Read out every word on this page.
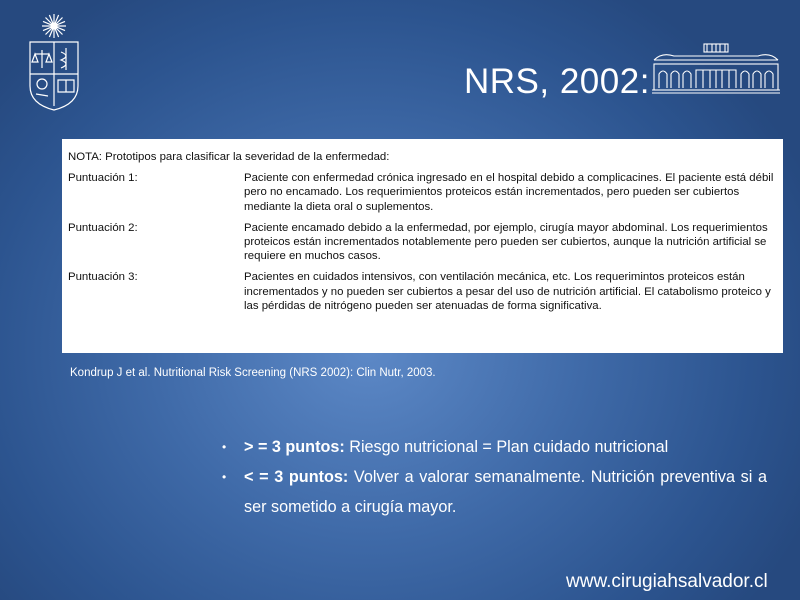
NRS, 2002:
NOTA: Prototipos para clasificar la severidad de la enfermedad:
Puntuación 1:	Paciente con enfermedad crónica ingresado en el hospital debido a complicacines. El paciente está débil pero no encamado. Los requerimientos proteicos están incrementados, pero pueden ser cubiertos mediante la dieta oral o suplementos.
Puntuación 2:	Paciente encamado debido a la enfermedad, por ejemplo, cirugía mayor abdominal. Los requerimientos proteicos están incrementados notablemente pero pueden ser cubiertos, aunque la nutrición artificial se requiere en muchos casos.
Puntuación 3:	Pacientes en cuidados intensivos, con ventilación mecánica, etc. Los requerimintos proteicos están incrementados y no pueden ser cubiertos a pesar del uso de nutrición artificial. El catabolismo proteico y las pérdidas de nitrógeno pueden ser atenuadas de forma significativa.
Kondrup J et al. Nutritional Risk Screening (NRS 2002): Clin Nutr, 2003.
•	> = 3 puntos: Riesgo nutricional = Plan cuidado nutricional
•	< = 3 puntos: Volver a valorar semanalmente. Nutrición preventiva si a ser sometido a cirugía mayor.
www.cirugiahsalvador.cl
